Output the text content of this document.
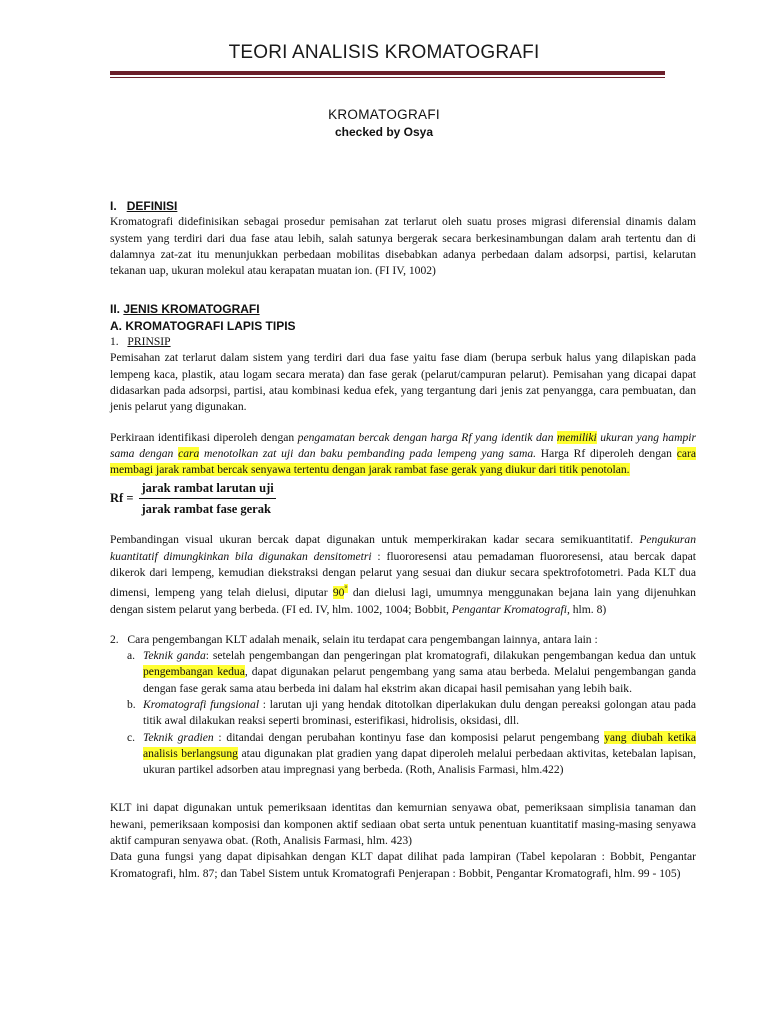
TEORI ANALISIS KROMATOGRAFI
KROMATOGRAFI
checked by Osya
I. DEFINISI

Kromatografi didefinisikan sebagai prosedur pemisahan zat terlarut oleh suatu proses migrasi diferensial dinamis dalam system yang terdiri dari dua fase atau lebih, salah satunya bergerak secara berkesinambungan dalam arah tertentu dan di dalamnya zat-zat itu menunjukkan perbedaan mobilitas disebabkan adanya perbedaan dalam adsorpsi, partisi, kelarutan tekanan uap, ukuran molekul atau kerapatan muatan ion. (FI IV, 1002)

II. JENIS KROMATOGRAFI
A. KROMATOGRAFI LAPIS TIPIS
1. PRINSIP

Pemisahan zat terlarut dalam sistem yang terdiri dari dua fase yaitu fase diam (berupa serbuk halus yang dilapiskan pada lempeng kaca, plastik, atau logam secara merata) dan fase gerak (pelarut/campuran pelarut). Pemisahan yang dicapai dapat didasarkan pada adsorpsi, partisi, atau kombinasi kedua efek, yang tergantung dari jenis zat penyangga, cara pembuatan, dan jenis pelarut yang digunakan.

Perkiraan identifikasi diperoleh dengan pengamatan bercak dengan harga Rf yang identik dan memiliki ukuran yang hampir sama dengan cara menotolkan zat uji dan baku pembanding pada lempeng yang sama. Harga Rf diperoleh dengan cara membagi jarak rambat bercak senyawa tertentu dengan jarak rambat fase gerak yang diukur dari titik penotolan.

$Rf = \frac{\text{jarak rambat larutan uji}}{\text{jarak rambat fase gerak}}$

Pembandingan visual ukuran bercak dapat digunakan untuk memperkirakan kadar secara semikuantitatif. Pengukuran kuantitatif dimungkinkan bila digunakan densitometri : fluororesensi atau pemadaman fluororesensi, atau bercak dapat dikerok dari lempeng, kemudian diekstraksi dengan pelarut yang sesuai dan diukur secara spektrofotometri. Pada KLT dua dimensi, lempeng yang telah dielusi, diputar 90° dan dielusi lagi, umumnya menggunakan bejana lain yang dijenuhkan dengan sistem pelarut yang berbeda. (FI ed. IV, hlm. 1002, 1004; Bobbit, Pengantar Kromatografi, hlm. 8)

2. Cara pengembangan KLT adalah menaik, selain itu terdapat cara pengembangan lainnya, antara lain :
a. Teknik ganda: setelah pengembangan dan pengeringan plat kromatografi, dilakukan pengembangan kedua dan untuk pengembangan kedua, dapat digunakan pelarut pengembang yang sama atau berbeda. Melalui pengembangan ganda dengan fase gerak sama atau berbeda ini dalam hal ekstrim akan dicapai hasil pemisahan yang lebih baik.
b. Kromatografi fungsional : larutan uji yang hendak ditotolkan diperlakukan dulu dengan pereaksi golongan atau pada titik awal dilakukan reaksi seperti brominasi, esterifikasi, hidrolisis, oksidasi, dll.
c. Teknik gradien : ditandai dengan perubahan kontinyu fase dan komposisi pelarut pengembang yang diubah ketika analisis berlangsung atau digunakan plat gradien yang dapat diperoleh melalui perbedaan aktivitas, ketebalan lapisan, ukuran partikel adsorben atau impregnasi yang berbeda. (Roth, Analisis Farmasi, hlm.422)

KLT ini dapat digunakan untuk pemeriksaan identitas dan kemurnian senyawa obat, pemeriksaan simplisia tanaman dan hewani, pemeriksaan komposisi dan komponen aktif sediaan obat serta untuk penentuan kuantitatif masing-masing senyawa aktif campuran senyawa obat. (Roth, Analisis Farmasi, hlm. 423)

Data guna fungsi yang dapat dipisahkan dengan KLT dapat dilihat pada lampiran (Tabel kepolaran : Bobbit, Pengantar Kromatografi, hlm. 87; dan Tabel Sistem untuk Kromatografi Penjerapan : Bobbit, Pengantar Kromatografi, hlm. 99 - 105)
